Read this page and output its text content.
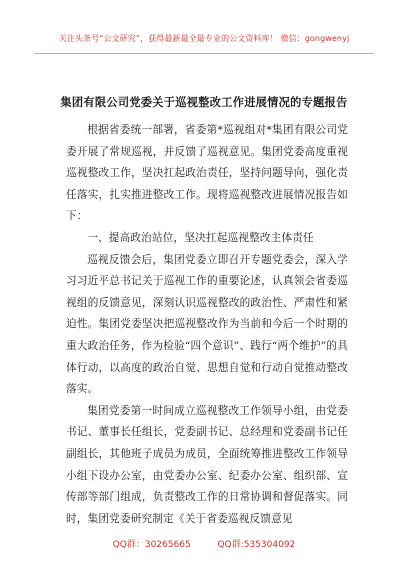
关注头条号“公文研究”，获得最新最全最专业的公文资料库！ 微信：gongwenyj
集团有限公司党委关于巡视整改工作进展情况的专题报告

根据省委统一部署，省委第*巡视组对*集团有限公司党委开展了常规巡视，并反馈了巡视意见。集团党委高度重视巡视整改工作，坚决扛起政治责任，坚持问题导向，强化责任落实，扎实推进整改工作。现将巡视整改进展情况报告如下：

一、提高政治站位，坚决扛起巡视整改主体责任

巡视反馈会后，集团党委立即召开专题党委会，深入学习习近平总书记关于巡视工作的重要论述，认真领会省委巡视组的反馈意见，深刻认识巡视整改的政治性、严肃性和紧迫性。集团党委坚决把巡视整改作为当前和今后一个时期的重大政治任务，作为检验“四个意识”、践行“两个维护”的具体行动，以高度的政治自觉、思想自觉和行动自觉推动整改落实。

集团党委第一时间成立巡视整改工作领导小组，由党委书记、董事长任组长，党委副书记、总经理和党委副书记任副组长，其他班子成员为成员，全面统筹推进整改工作领导小组下设办公室，由党委办公室、纪委办公室、组织部、宣传部等部门组成，负责整改工作的日常协调和督促落实。同时，集团党委研究制定《关于省委巡视反馈意见

QQ群：30265665	QQ群:535304092
